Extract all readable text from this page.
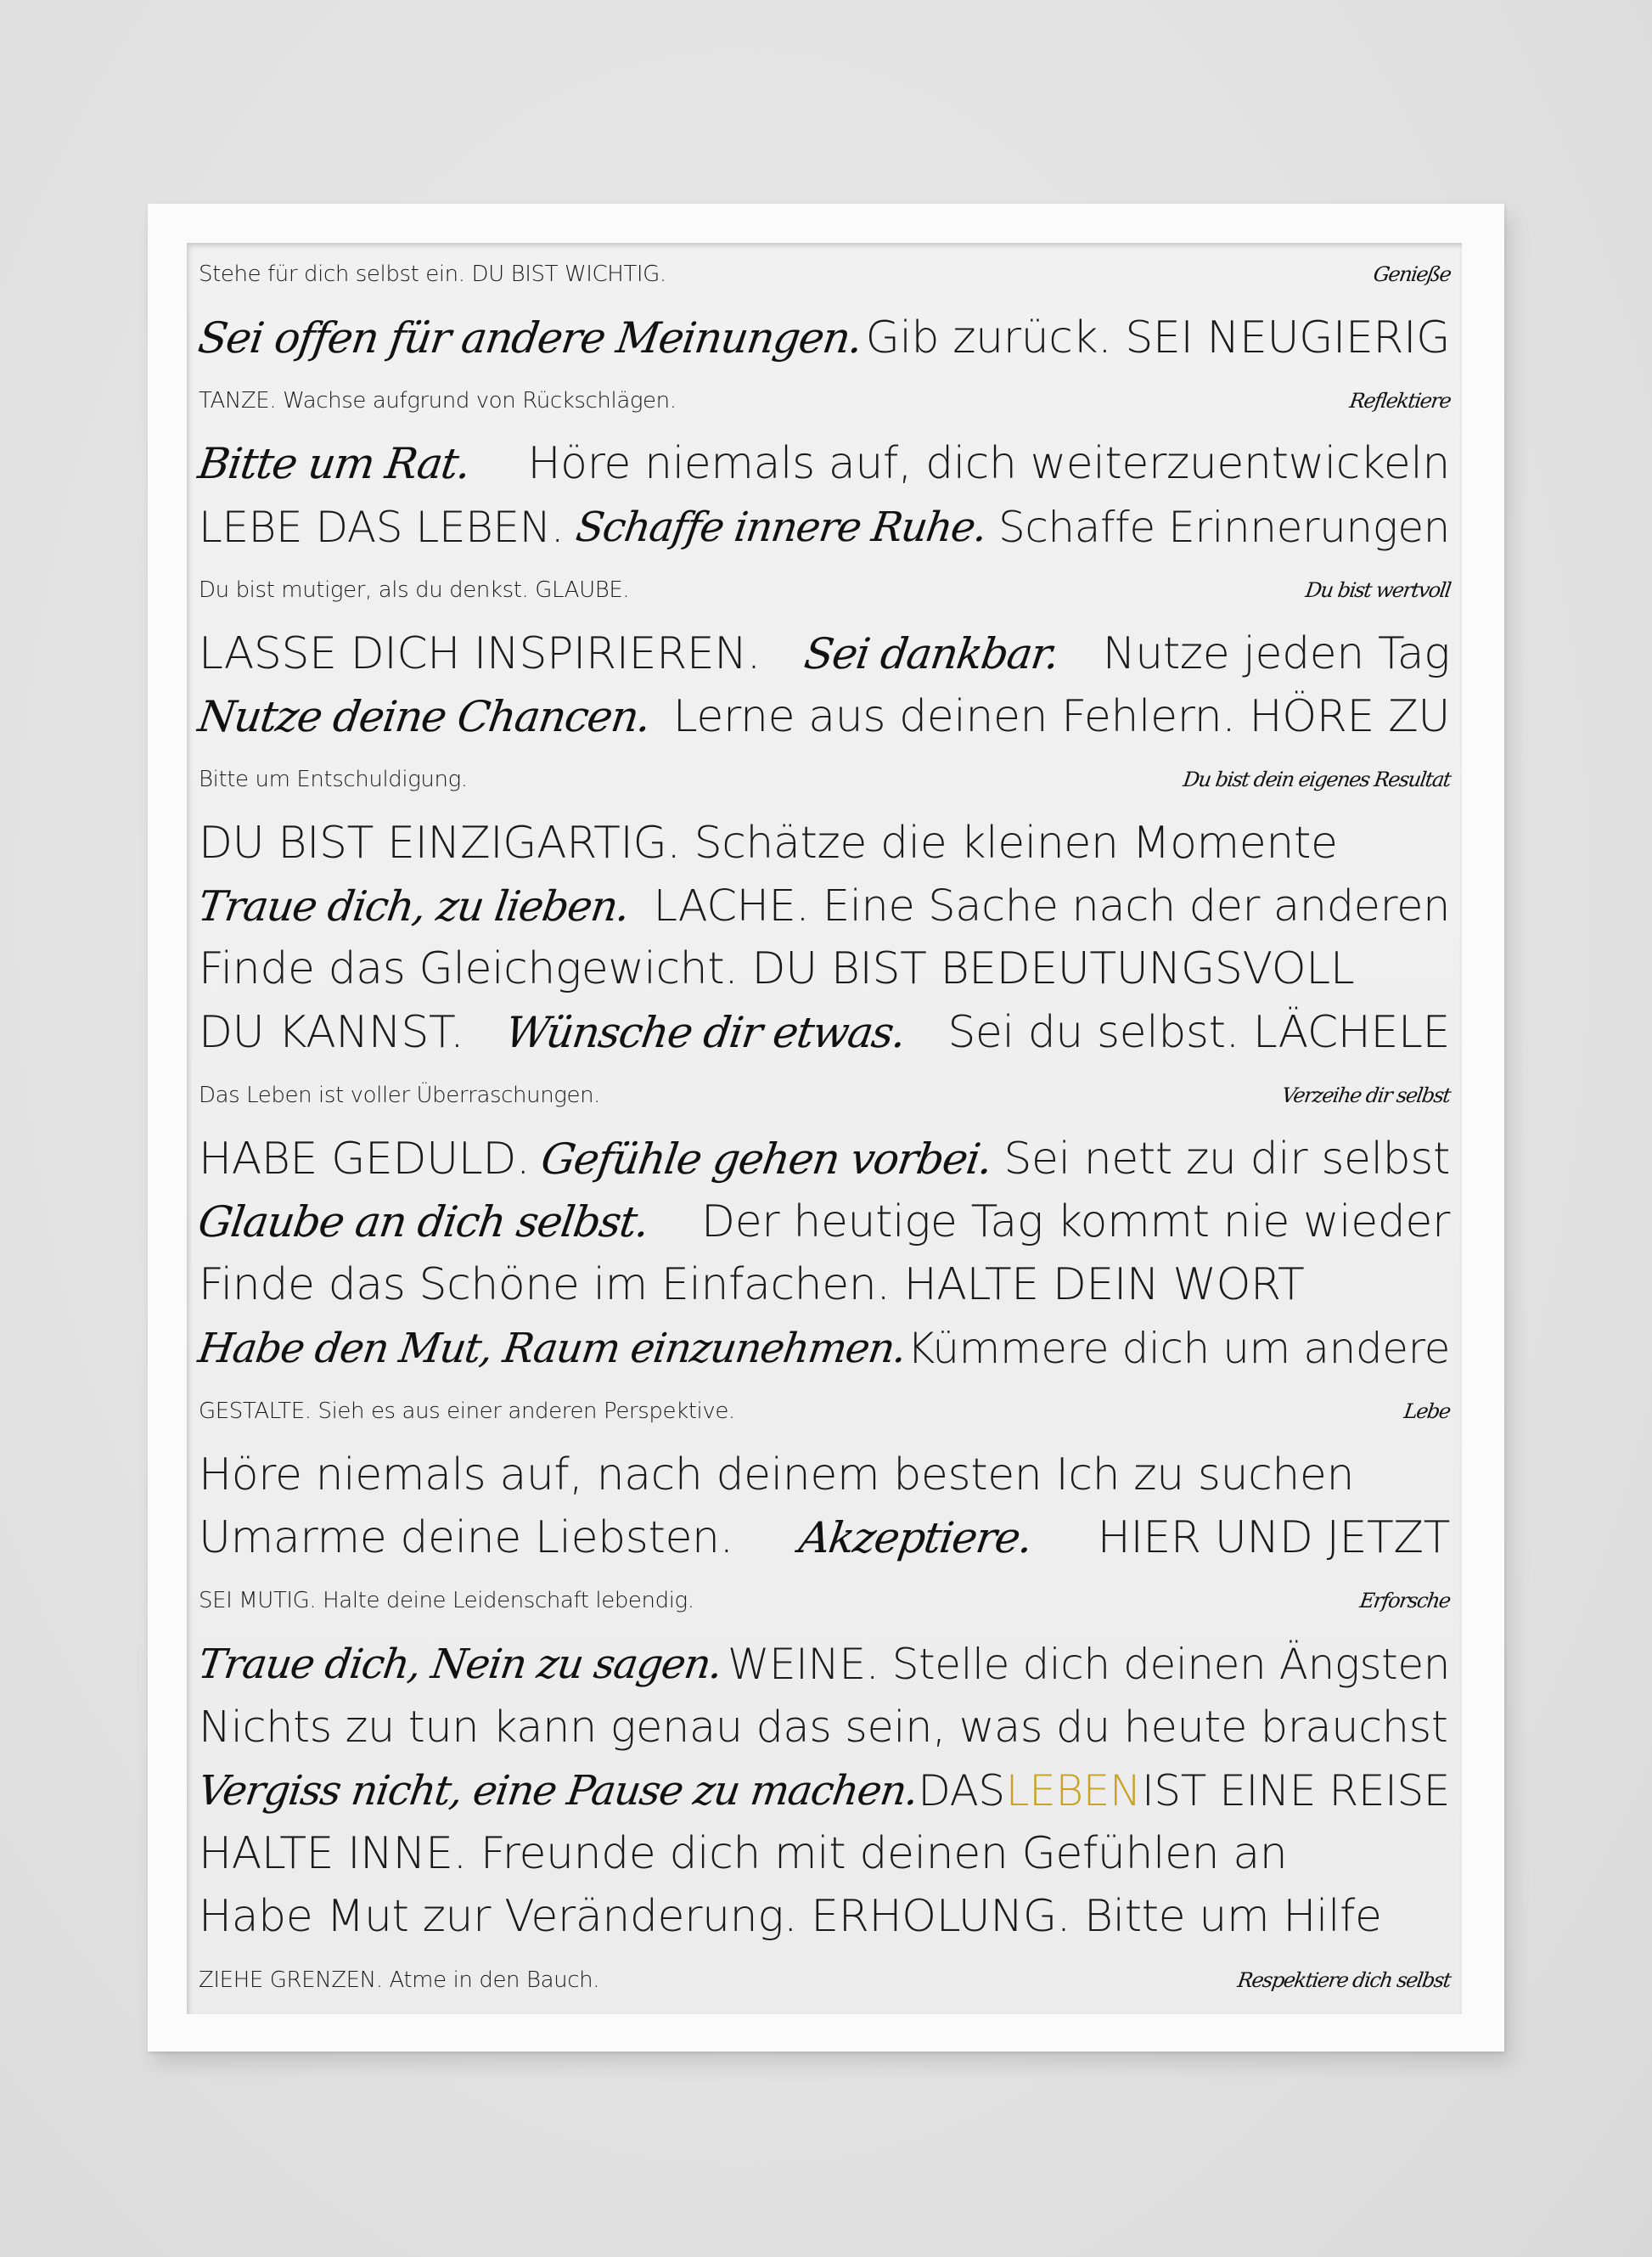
Stehe für dich selbst ein. DU BIST WICHTIG.	Genieße
Sei offen für andere Meinungen. Gib zurück. SEI NEUGIERIG
TANZE. Wachse aufgrund von Rückschlägen.	Reflektiere
Bitte um Rat. Höre niemals auf, dich weiterzuentwickeln
LEBE DAS LEBEN. Schaffe innere Ruhe. Schaffe Erinnerungen
Du bist mutiger, als du denkst. GLAUBE.	Du bist wertvoll
LASSE DICH INSPIRIEREN. Sei dankbar. Nutze jeden Tag
Nutze deine Chancen. Lerne aus deinen Fehlern. HÖRE ZU
Bitte um Entschuldigung.	Du bist dein eigenes Resultat
DU BIST EINZIGARTIG. Schätze die kleinen Momente
Traue dich, zu lieben. LACHE. Eine Sache nach der anderen
Finde das Gleichgewicht. DU BIST BEDEUTUNGSVOLL
DU KANNST. Wünsche dir etwas. Sei du selbst. LÄCHELE
Das Leben ist voller Überraschungen.	Verzeihe dir selbst
HABE GEDULD. Gefühle gehen vorbei. Sei nett zu dir selbst
Glaube an dich selbst. Der heutige Tag kommt nie wieder
Finde das Schöne im Einfachen. HALTE DEIN WORT
Habe den Mut, Raum einzunehmen.
Kümmere dich um andere
GESTALTE. Sieh es aus einer anderen Perspektive.	Lebe
Höre niemals auf, nach deinem besten Ich zu suchen
Umarme deine Liebsten. Akzeptiere. HIER UND JETZT
SEI MUTIG. Halte deine Leidenschaft lebendig.	Erforsche
Traue dich, Nein zu sagen. WEINE. Stelle dich deinen Ängsten
Nichts zu tun kann genau das sein, was du heute brauchst
Vergiss nicht, eine Pause zu machen.
DAS LEBEN IST EINE REISE
HALTE INNE. Freunde dich mit deinen Gefühlen an
Habe Mut zur Veränderung. ERHOLUNG. Bitte um Hilfe
ZIEHE GRENZEN. Atme in den Bauch.	Respektiere dich selbst
